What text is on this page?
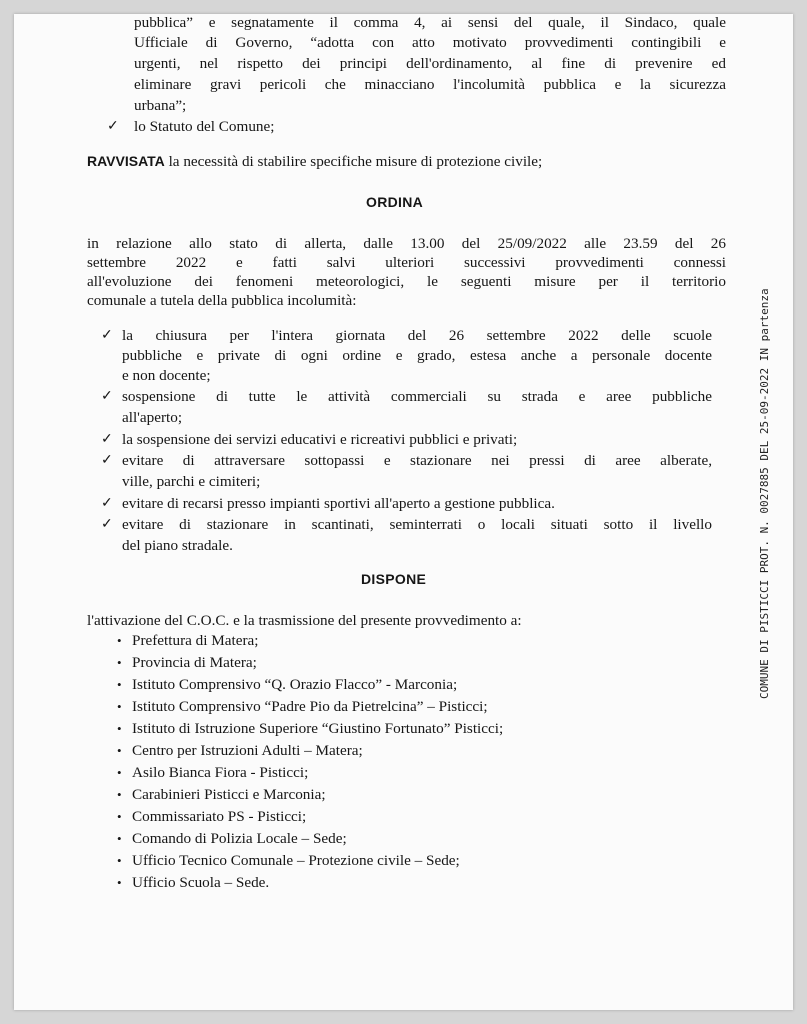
pubblica” e segnatamente il comma 4, ai sensi del quale, il Sindaco, quale
Ufficiale di Governo, “adotta con atto motivato provvedimenti contingibili e
urgenti, nel rispetto dei principi dell'ordinamento, al fine di prevenire ed
eliminare gravi pericoli che minacciano l'incolumità pubblica e la sicurezza
urbana”;
✓ lo Statuto del Comune;
RAVVISATA la necessità di stabilire specifiche misure di protezione civile;
ORDINA
in relazione allo stato di allerta, dalle 13.00 del 25/09/2022 alle 23.59 del 26
settembre 2022 e fatti salvi ulteriori successivi provvedimenti connessi
all'evoluzione dei fenomeni meteorologici, le seguenti misure per il territorio
comunale a tutela della pubblica incolumità:
✓ la chiusura per l'intera giornata del 26 settembre 2022 delle scuole
pubbliche e private di ogni ordine e grado, estesa anche a personale docente
e non docente;
✓ sospensione di tutte le attività commerciali su strada e aree pubbliche
all'aperto;
✓ la sospensione dei servizi educativi e ricreativi pubblici e privati;
✓ evitare di attraversare sottopassi e stazionare nei pressi di aree alberate,
ville, parchi e cimiteri;
✓ evitare di recarsi presso impianti sportivi all'aperto a gestione pubblica.
✓ evitare di stazionare in scantinati, seminterrati o locali situati sotto il livello
del piano stradale.
DISPONE
l'attivazione del C.O.C. e la trasmissione del presente provvedimento a:
• Prefettura di Matera;
• Provincia di Matera;
• Istituto Comprensivo “Q. Orazio Flacco” - Marconia;
• Istituto Comprensivo “Padre Pio da Pietrelcina” – Pisticci;
• Istituto di Istruzione Superiore “Giustino Fortunato” Pisticci;
• Centro per Istruzioni Adulti – Matera;
• Asilo Bianca Fiora - Pisticci;
• Carabinieri Pisticci e Marconia;
• Commissariato PS - Pisticci;
• Comando di Polizia Locale – Sede;
• Ufficio Tecnico Comunale – Protezione civile – Sede;
• Ufficio Scuola – Sede.
COMUNE DI PISTICCI PROT. N. 0027885 DEL 25-09-2022 IN partenza
